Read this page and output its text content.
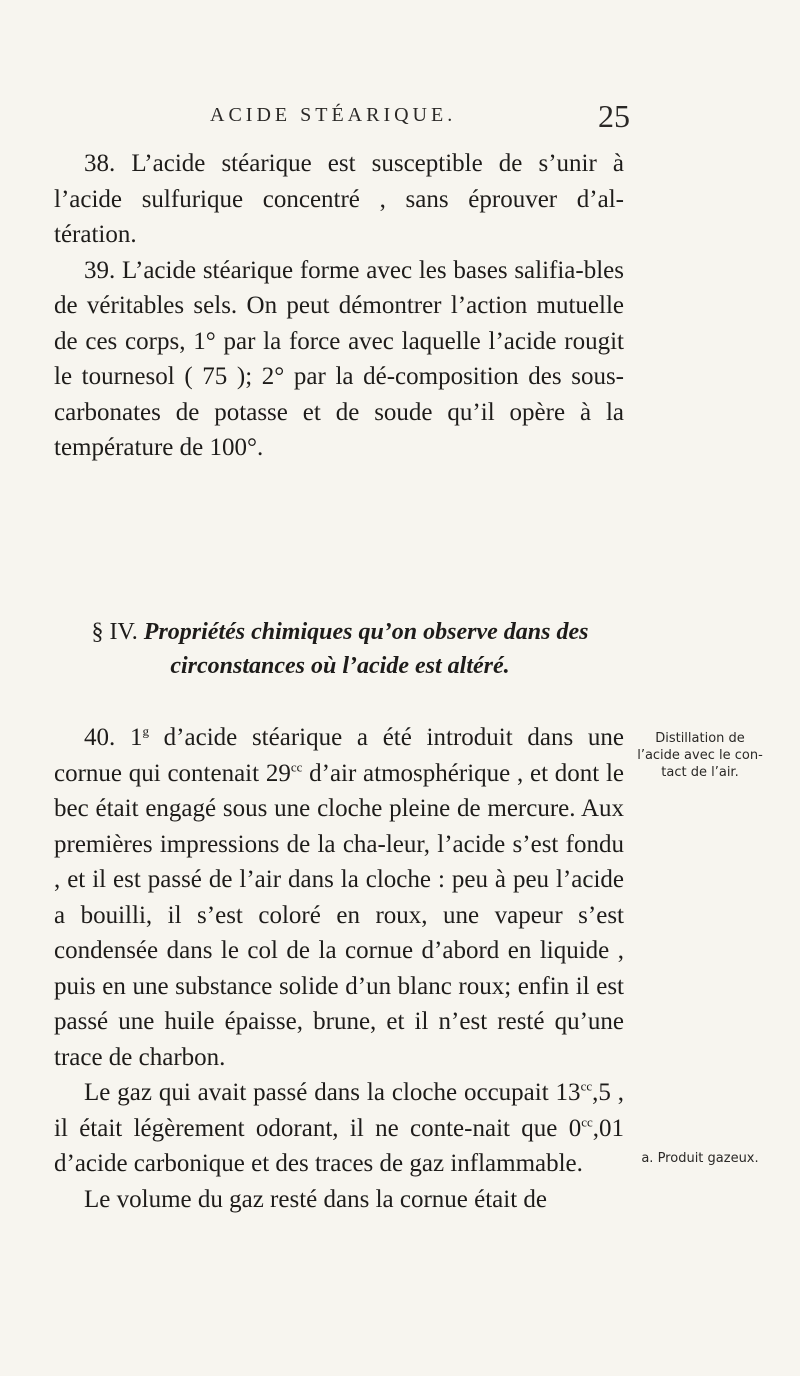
ACIDE STÉARIQUE.	25

38. L’acide stéarique est susceptible de s’unir à l’acide sulfurique concentré , sans éprouver d’al-tération.

39. L’acide stéarique forme avec les bases salifia-bles de véritables sels. On peut démontrer l’action mutuelle de ces corps, 1° par la force avec laquelle l’acide rougit le tournesol ( 75 ); 2° par la dé-composition des sous-carbonates de potasse et de soude qu’il opère à la température de 100°.

§ IV. Propriétés chimiques qu’on observe dans des circonstances où l’acide est altéré.

40. 1$^g$ d’acide stéarique a été introduit dans une cornue qui contenait $29^{cc}$ d’air atmosphérique , et dont le bec était engagé sous une cloche pleine de mercure. Aux premières impressions de la cha-leur, l’acide s’est fondu , et il est passé de l’air dans la cloche : peu à peu l’acide a bouilli, il s’est coloré en roux, une vapeur s’est condensée dans le col de la cornue d’abord en liquide , puis en une substance solide d’un blanc roux; enfin il est passé une huile épaisse, brune, et il n’est resté qu’une trace de charbon.

Le gaz qui avait passé dans la cloche occupait $13^{cc},5$ , il était légèrement odorant, il ne conte-nait que $0^{cc},01$ d’acide carbonique et des traces de gaz inflammable.

Le volume du gaz resté dans la cornue était de

Distillation de l’acide avec le con-tact de l’air.
a. Produit gazeux.
